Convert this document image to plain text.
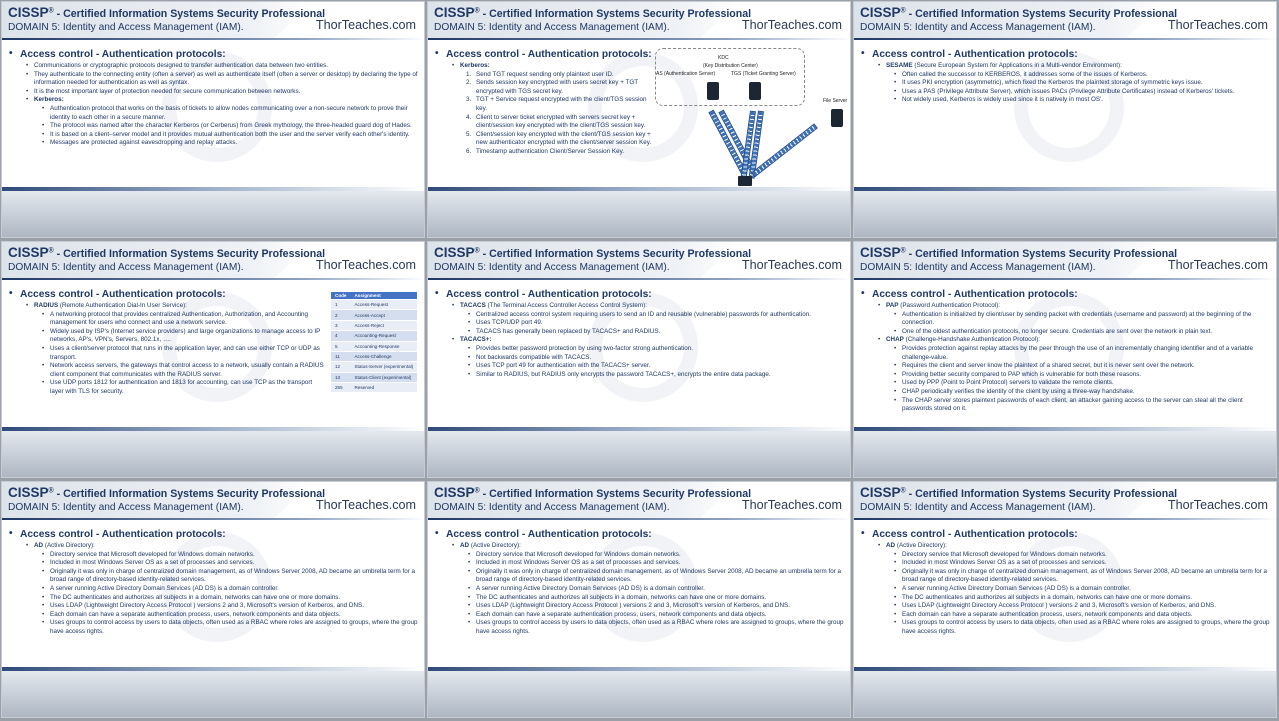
CISSP® - Certified Information Systems Security Professional
DOMAIN 5: Identity and Access Management (IAM).	ThorTeaches.com
• Access control - Authentication protocols:
• Communications or cryptographic protocols designed to transfer authentication data between two entities.
• They authenticate to the connecting entity (often a server) as well as authenticate itself (often a server or desktop) by declaring the type of information needed for authentication as well as syntax.
• It is the most important layer of protection needed for secure communication between networks.
• Kerberos:
• Authentication protocol that works on the basis of tickets to allow nodes communicating over a non-secure network to prove their identity to each other in a secure manner.
• The protocol was named after the character Kerberos (or Cerberus) from Greek mythology, the three-headed guard dog of Hades.
• It is based on a client–server model and it provides mutual authentication both the user and the server verify each other's identity.
• Messages are protected against eavesdropping and replay attacks.
CISSP® - Certified Information Systems Security Professional
DOMAIN 5: Identity and Access Management (IAM).	ThorTeaches.com
• Access control - Authentication protocols:
• Kerberos:
1. Send TGT request sending only plaintext user ID.
2. Sends session key encrypted with users secret key + TGT encrypted with TGS secret key.
3. TGT + Service request encrypted with the client/TGS session key.
4. Client to server ticket encrypted with servers secret key + client/session key encrypted with the client/TGS session key.
5. Client/session key encrypted with the client/TGS session key + new authenticator encrypted with the client/server session Key.
6. Timestamp authentication Client/Server Session Key.
KDC
(Key Distribution Center)
AS (Authentication Server)	TGS (Ticket Granting Server)
File Server
CISSP® - Certified Information Systems Security Professional
DOMAIN 5: Identity and Access Management (IAM).	ThorTeaches.com
• Access control - Authentication protocols:
• SESAME (Secure European System for Applications in a Multi-vendor Environment):
• Often called the successor to KERBEROS, it addresses some of the issues of Kerberos.
• It uses PKI encryption (asymmetric), which fixed the Kerberos the plaintext storage of symmetric keys issue.
• Uses a PAS (Privilege Attribute Server), which issues PACs (Privilege Attribute Certificates) instead of Kerberos' tickets.
• Not widely used, Kerberos is widely used since it is natively in most OS'.
CISSP® - Certified Information Systems Security Professional
DOMAIN 5: Identity and Access Management (IAM).	ThorTeaches.com
• Access control - Authentication protocols:
• RADIUS (Remote Authentication Dial-In User Service):
• A networking protocol that provides centralized Authentication, Authorization, and Accounting management for users who connect and use a network service.
• Widely used by ISP's (Internet service providers) and large organizations to manage access to IP networks, AP's, VPN's, Servers, 802.1x, ….
• Uses a client/server protocol that runs in the application layer, and can use either TCP or UDP as transport.
• Network access servers, the gateways that control access to a network, usually contain a RADIUS client component that communicates with the RADIUS server.
• Use UDP ports 1812 for authentication and 1813 for accounting, can use TCP as the transport layer with TLS for security.
Code	Assignment
1	Access-Request
2	Access-Accept
3	Access-Reject
4	Accounting-Request
5	Accounting-Response
11	Access-Challenge
12	Status-Server (experimental)
13	Status-Client (experimental)
255	Reserved
CISSP® - Certified Information Systems Security Professional
DOMAIN 5: Identity and Access Management (IAM).	ThorTeaches.com
• Access control - Authentication protocols:
• TACACS (The Terminal Access Controller Access Control System):
• Centralized access control system requiring users to send an ID and reusable (vulnerable) passwords for authentication.
• Uses TCP/UDP port 49.
• TACACS has generally been replaced by TACACS+ and RADIUS.
• TACACS+:
• Provides better password protection by using two-factor strong authentication.
• Not backwards compatible with TACACS.
• Uses TCP port 49 for authentication with the TACACS+ server.
• Similar to RADIUS, but RADIUS only encrypts the password TACACS+, encrypts the entire data package.
CISSP® - Certified Information Systems Security Professional
DOMAIN 5: Identity and Access Management (IAM).	ThorTeaches.com
• Access control - Authentication protocols:
• PAP (Password Authentication Protocol):
• Authentication is initialized by client/user by sending packet with credentials (username and password) at the beginning of the connection.
• One of the oldest authentication protocols, no longer secure. Credentials are sent over the network in plain text.
• CHAP (Challenge-Handshake Authentication Protocol):
• Provides protection against replay attacks by the peer through the use of an incrementally changing identifier and of a variable challenge-value.
• Requires the client and server know the plaintext of a shared secret, but it is never sent over the network.
• Providing better security compared to PAP which is vulnerable for both these reasons.
• Used by PPP (Point to Point Protocol) servers to validate the remote clients.
• CHAP periodically verifies the identity of the client by using a three-way handshake.
• The CHAP server stores plaintext passwords of each client, an attacker gaining access to the server can steal all the client passwords stored on it.
CISSP® - Certified Information Systems Security Professional
DOMAIN 5: Identity and Access Management (IAM).	ThorTeaches.com
• Access control - Authentication protocols:
• AD (Active Directory):
• Directory service that Microsoft developed for Windows domain networks.
• Included in most Windows Server OS as a set of processes and services.
• Originally it was only in charge of centralized domain management, as of Windows Server 2008, AD became an umbrella term for a broad range of directory-based identity-related services.
• A server running Active Directory Domain Services (AD DS) is a domain controller.
• The DC authenticates and authorizes all subjects in a domain, networks can have one or more domains.
• Uses LDAP (Lightweight Directory Access Protocol ) versions 2 and 3, Microsoft's version of Kerberos, and DNS.
• Each domain can have a separate authentication process, users, network components and data objects.
• Uses groups to control access by users to data objects, often used as a RBAC where roles are assigned to groups, where the group have access rights.
CISSP® - Certified Information Systems Security Professional
DOMAIN 5: Identity and Access Management (IAM).	ThorTeaches.com
• Access control - Authentication protocols:
• AD (Active Directory):
• Directory service that Microsoft developed for Windows domain networks.
• Included in most Windows Server OS as a set of processes and services.
• Originally it was only in charge of centralized domain management, as of Windows Server 2008, AD became an umbrella term for a broad range of directory-based identity-related services.
• A server running Active Directory Domain Services (AD DS) is a domain controller.
• The DC authenticates and authorizes all subjects in a domain, networks can have one or more domains.
• Uses LDAP (Lightweight Directory Access Protocol ) versions 2 and 3, Microsoft's version of Kerberos, and DNS.
• Each domain can have a separate authentication process, users, network components and data objects.
• Uses groups to control access by users to data objects, often used as a RBAC where roles are assigned to groups, where the group have access rights.
CISSP® - Certified Information Systems Security Professional
DOMAIN 5: Identity and Access Management (IAM).	ThorTeaches.com
• Access control - Authentication protocols:
• AD (Active Directory):
• Directory service that Microsoft developed for Windows domain networks.
• Included in most Windows Server OS as a set of processes and services.
• Originally it was only in charge of centralized domain management, as of Windows Server 2008, AD became an umbrella term for a broad range of directory-based identity-related services.
• A server running Active Directory Domain Services (AD DS) is a domain controller.
• The DC authenticates and authorizes all subjects in a domain, networks can have one or more domains.
• Uses LDAP (Lightweight Directory Access Protocol ) versions 2 and 3, Microsoft's version of Kerberos, and DNS.
• Each domain can have a separate authentication process, users, network components and data objects.
• Uses groups to control access by users to data objects, often used as a RBAC where roles are assigned to groups, where the group have access rights.
